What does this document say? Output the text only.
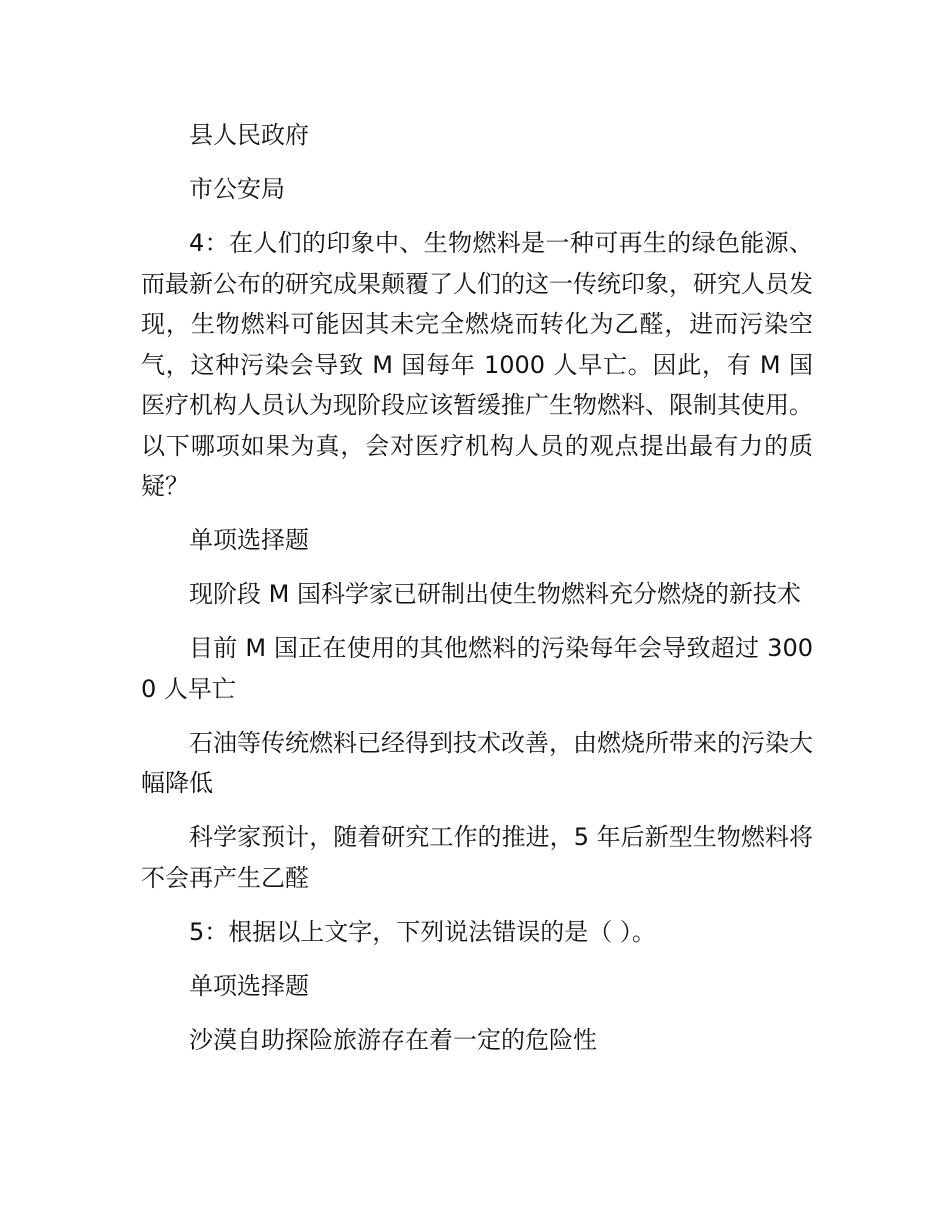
县人民政府

市公安局

4：在人们的印象中、生物燃料是一种可再生的绿色能源、而最新公布的研究成果颠覆了人们的这一传统印象，研究人员发现，生物燃料可能因其未完全燃烧而转化为乙醛，进而污染空气，这种污染会导致 M 国每年 1000 人早亡。因此，有 M 国医疗机构人员认为现阶段应该暂缓推广生物燃料、限制其使用。以下哪项如果为真，会对医疗机构人员的观点提出最有力的质疑？

单项选择题

现阶段 M 国科学家已研制出使生物燃料充分燃烧的新技术

目前 M 国正在使用的其他燃料的污染每年会导致超过 3000 人早亡

石油等传统燃料已经得到技术改善，由燃烧所带来的污染大幅降低

科学家预计，随着研究工作的推进，5 年后新型生物燃料将不会再产生乙醛

5：根据以上文字，下列说法错误的是（ ）。

单项选择题

沙漠自助探险旅游存在着一定的危险性
